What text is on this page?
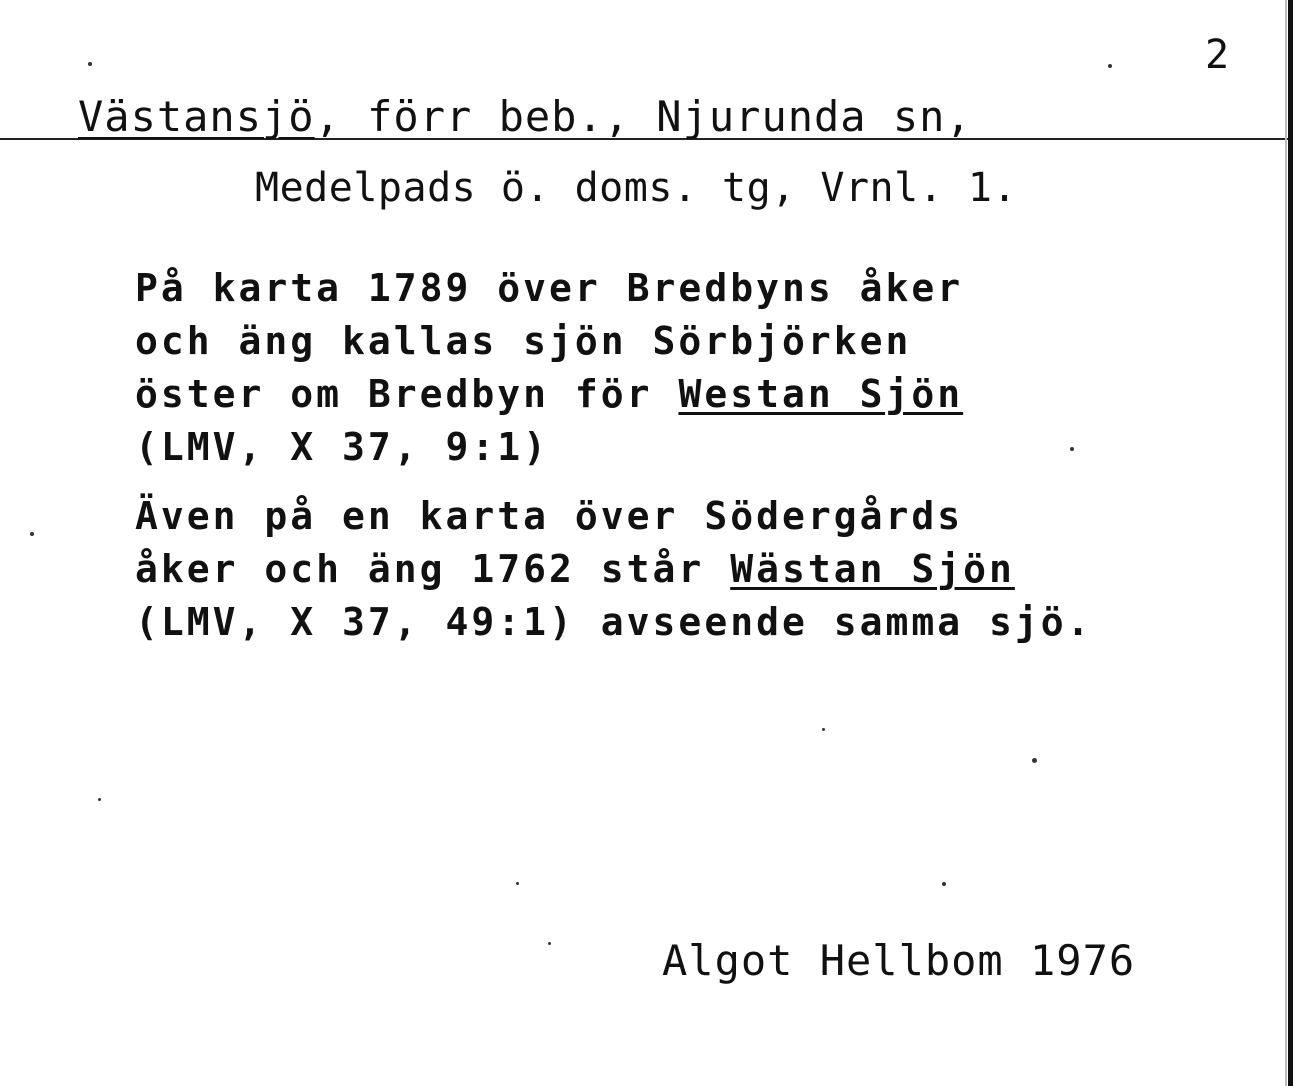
2
Västansjö, förr beb., Njurunda sn,
Medelpads ö. doms. tg, Vrnl. 1.
På karta 1789 över Bredbyns åker
och äng kallas sjön Sörbjörken
öster om Bredbyn för Westan Sjön
(LMV, X 37, 9:1)
Även på en karta över Södergårds
åker och äng 1762 står Wästan Sjön
(LMV, X 37, 49:1) avseende samma sjö.
Algot Hellbom 1976
